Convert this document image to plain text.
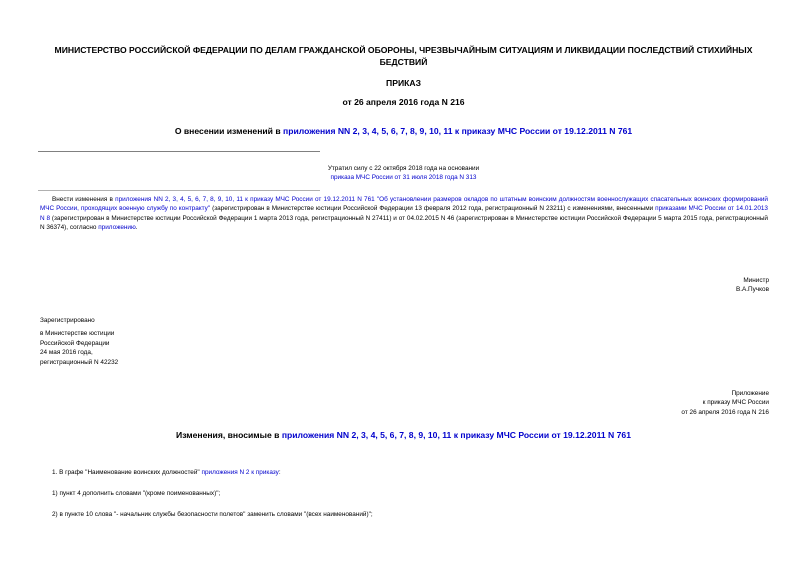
МИНИСТЕРСТВО РОССИЙСКОЙ ФЕДЕРАЦИИ ПО ДЕЛАМ ГРАЖДАНСКОЙ ОБОРОНЫ, ЧРЕЗВЫЧАЙНЫМ СИТУАЦИЯМ И ЛИКВИДАЦИИ ПОСЛЕДСТВИЙ СТИХИЙНЫХ БЕДСТВИЙ
ПРИКАЗ
от 26 апреля 2016 года N 216
О внесении изменений в приложения NN 2, 3, 4, 5, 6, 7, 8, 9, 10, 11 к приказу МЧС России от 19.12.2011 N 761
Утратил силу с 22 октября 2018 года на основании
приказа МЧС России от 31 июля 2018 года N 313
Внести изменения в приложения NN 2, 3, 4, 5, 6, 7, 8, 9, 10, 11 к приказу МЧС России от 19.12.2011 N 761 "Об установлении размеров окладов по штатным воинским должностям военнослужащих спасательных воинских формирований МЧС России, проходящих военную службу по контракту" (зарегистрирован в Министерстве юстиции Российской Федерации 13 февраля 2012 года, регистрационный N 23211) с изменениями, внесенными приказами МЧС России от 14.01.2013 N 8 (зарегистрирован в Министерстве юстиции Российской Федерации 1 марта 2013 года, регистрационный N 27411) и от 04.02.2015 N 46 (зарегистрирован в Министерстве юстиции Российской Федерации 5 марта 2015 года, регистрационный N 36374), согласно приложению.
Министр
В.А.Пучков
Зарегистрировано
в Министерстве юстиции
Российской Федерации
24 мая 2016 года,
регистрационный N 42232
Приложение
к приказу МЧС России
от 26 апреля 2016 года N 216
Изменения, вносимые в приложения NN 2, 3, 4, 5, 6, 7, 8, 9, 10, 11 к приказу МЧС России от 19.12.2011 N 761
1. В графе "Наименование воинских должностей" приложения N 2 к приказу:
1) пункт 4 дополнить словами "(кроме поименованных)";
2) в пункте 10 слова "- начальник службы безопасности полетов" заменить словами "(всех наименований)";
